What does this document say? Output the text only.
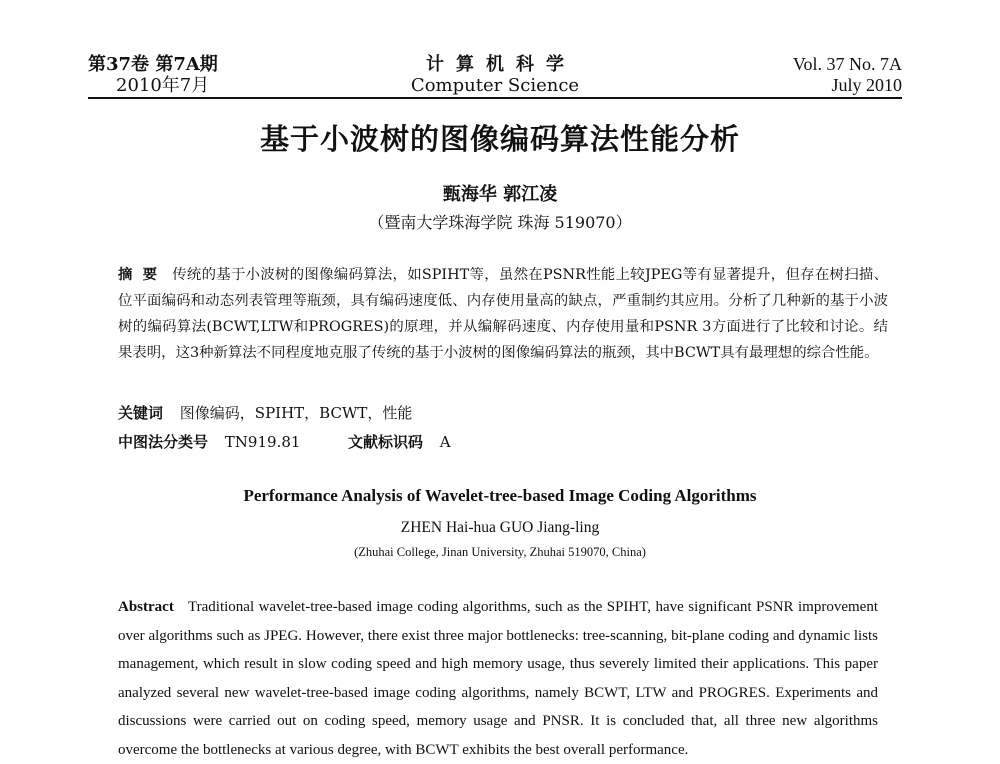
第37卷 第7A期
2010年7月
计算机科学
Computer Science
Vol. 37 No. 7A
July 2010
基于小波树的图像编码算法性能分析
甄海华 郭江凌
（暨南大学珠海学院 珠海 519070）
摘要 传统的基于小波树的图像编码算法，如SPIHT等，虽然在PSNR性能上较JPEG等有显著提升，但存在树扫描、位平面编码和动态列表管理等瓶颈，具有编码速度低、内存使用量高的缺点，严重制约其应用。分析了几种新的基于小波树的编码算法(BCWT,LTW和PROGRES)的原理，并从编解码速度、内存使用量和PSNR 3方面进行了比较和讨论。结果表明，这3种新算法不同程度地克服了传统的基于小波树的图像编码算法的瓶颈，其中BCWT具有最理想的综合性能。
关键词 图像编码，SPIHT，BCWT，性能
中图法分类号 TN919.81	文献标识码 A
Performance Analysis of Wavelet-tree-based Image Coding Algorithms
ZHEN Hai-hua GUO Jiang-ling
(Zhuhai College, Jinan University, Zhuhai 519070, China)
Abstract Traditional wavelet-tree-based image coding algorithms, such as the SPIHT, have significant PSNR improvement over algorithms such as JPEG. However, there exist three major bottlenecks: tree-scanning, bit-plane coding and dynamic lists management, which result in slow coding speed and high memory usage, thus severely limited their applications. This paper analyzed several new wavelet-tree-based image coding algorithms, namely BCWT, LTW and PROGRES. Experiments and discussions were carried out on coding speed, memory usage and PNSR. It is concluded that, all three new algorithms overcome the bottlenecks at various degree, with BCWT exhibits the best overall performance.
